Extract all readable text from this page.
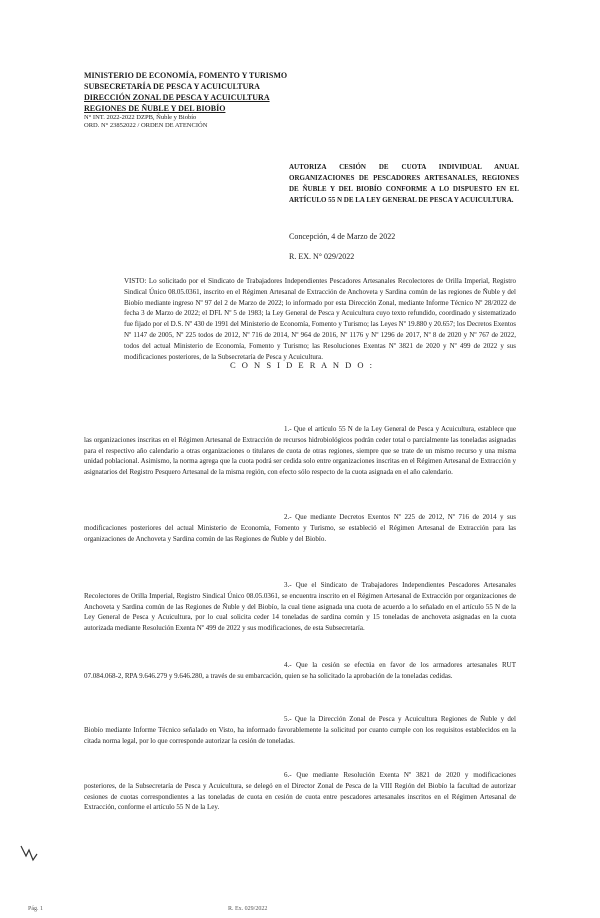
MINISTERIO DE ECONOMÍA, FOMENTO Y TURISMO
SUBSECRETARÍA DE PESCA Y ACUICULTURA
DIRECCIÓN ZONAL DE PESCA Y ACUICULTURA
REGIONES DE ÑUBLE Y DEL BIOBÍO
N° INT. 2022-2022 DZPB, Ñuble y Biobío
ORD. N° 23852022 / ORDEN DE ATENCIÓN
AUTORIZA CESIÓN DE CUOTA INDIVIDUAL ANUAL ORGANIZACIONES DE PESCADORES ARTESANALES, REGIONES DE ÑUBLE Y DEL BIOBÍO CONFORME A LO DISPUESTO EN EL ARTÍCULO 55 N DE LA LEY GENERAL DE PESCA Y ACUICULTURA.
Concepción, 4 de Marzo de 2022
R. EX. N° 029/2022
VISTO: Lo solicitado por el Sindicato de Trabajadores Independientes Pescadores Artesanales Recolectores de Orilla Imperial, Registro Sindical Único 08.05.0361, inscrito en el Régimen Artesanal de Extracción de Anchoveta y Sardina común de las regiones de Ñuble y del Biobío mediante ingreso Nº 97 del 2 de Marzo de 2022; lo informado por esta Dirección Zonal, mediante Informe Técnico Nº 28/2022 de fecha 3 de Marzo de 2022; el DFL Nº 5 de 1983; la Ley General de Pesca y Acuicultura cuyo texto refundido, coordinado y sistematizado fue fijado por el D.S. Nº 430 de 1991 del Ministerio de Economía, Fomento y Turismo; las Leyes Nº 19.880 y 20.657; los Decretos Exentos Nº 1147 de 2005, Nº 225 todos de 2012, Nº 716 de 2014, Nº 964 de 2016, Nº 1176 y Nº 1296 de 2017, Nº 8 de 2020 y Nº 767 de 2022, todos del actual Ministerio de Economía, Fomento y Turismo; las Resoluciones Exentas Nº 3821 de 2020 y Nº 499 de 2022 y sus modificaciones posteriores, de la Subsecretaría de Pesca y Acuicultura.
C O N S I D E R A N D O :
1.- Que el artículo 55 N de la Ley General de Pesca y Acuicultura, establece que las organizaciones inscritas en el Régimen Artesanal de Extracción de recursos hidrobiológicos podrán ceder total o parcialmente las toneladas asignadas para el respectivo año calendario a otras organizaciones o titulares de cuota de otras regiones, siempre que se trate de un mismo recurso y una misma unidad poblacional. Asimismo, la norma agrega que la cuota podrá ser cedida solo entre organizaciones inscritas en el Régimen Artesanal de Extracción y asignatarios del Registro Pesquero Artesanal de la misma región, con efecto sólo respecto de la cuota asignada en el año calendario.
2.- Que mediante Decretos Exentos Nº 225 de 2012, Nº 716 de 2014 y sus modificaciones posteriores del actual Ministerio de Economía, Fomento y Turismo, se estableció el Régimen Artesanal de Extracción para las organizaciones de Anchoveta y Sardina común de las Regiones de Ñuble y del Biobío.
3.- Que el Sindicato de Trabajadores Independientes Pescadores Artesanales Recolectores de Orilla Imperial, Registro Sindical Único 08.05.0361, se encuentra inscrito en el Régimen Artesanal de Extracción por organizaciones de Anchoveta y Sardina común de las Regiones de Ñuble y del Biobío, la cual tiene asignada una cuota de acuerdo a lo señalado en el artículo 55 N de la Ley General de Pesca y Acuicultura, por lo cual solicita ceder 14 toneladas de sardina común y 15 toneladas de anchoveta asignadas en la cuota autorizada mediante Resolución Exenta Nº 499 de 2022 y sus modificaciones, de esta Subsecretaría.
4.- Que la cesión se efectúa en favor de los armadores artesanales RUT 07.084.068-2, RPA 9.646.279 y 9.646.280, a través de su embarcación, quien se ha solicitado la aprobación de la toneladas cedidas.
5.- Que la Dirección Zonal de Pesca y Acuicultura Regiones de Ñuble y del Biobío mediante Informe Técnico señalado en Visto, ha informado favorablemente la solicitud por cuanto cumple con los requisitos establecidos en la citada norma legal, por lo que corresponde autorizar la cesión de toneladas.
6.- Que mediante Resolución Exenta Nº 3821 de 2020 y modificaciones posteriores, de la Subsecretaría de Pesca y Acuicultura, se delegó en el Director Zonal de Pesca de la VIII Región del Biobío la facultad de autorizar cesiones de cuotas correspondientes a las toneladas de cuota en cesión de cuota entre pescadores artesanales inscritos en el Régimen Artesanal de Extracción, conforme el artículo 55 N de la Ley.
Pág. 1	R. Ex. 029/2022
